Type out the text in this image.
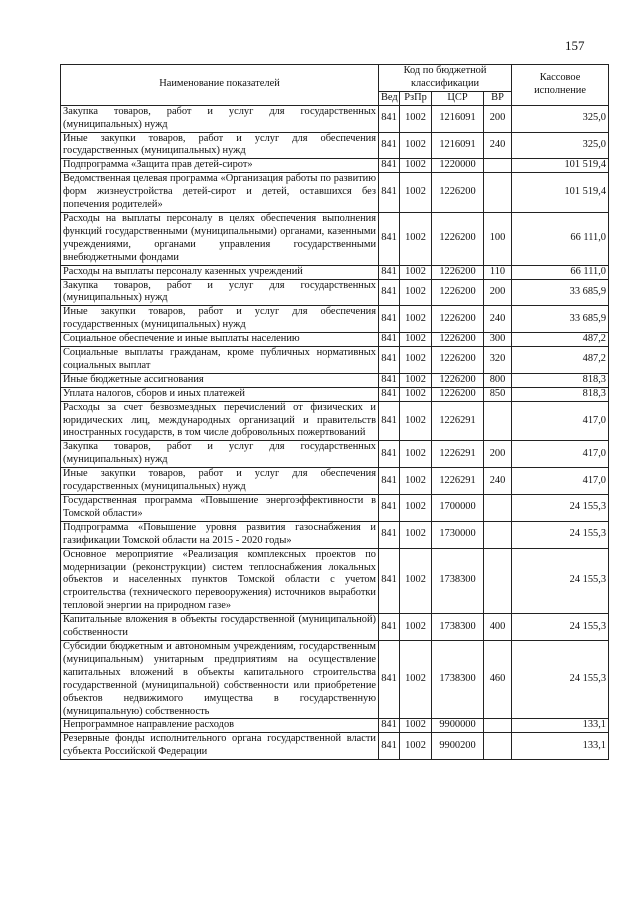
157
Наименование показателей	Код по бюджетной классификации				Кассовое исполнение
	Вед	РзПр	ЦСР	ВР	
Закупка товаров, работ и услуг для государственных (муниципальных) нужд	841	1002	1216091	200	325,0
Иные закупки товаров, работ и услуг для обеспечения государственных (муниципальных) нужд	841	1002	1216091	240	325,0
Подпрограмма «Защита прав детей-сирот»	841	1002	1220000		101 519,4
Ведомственная целевая программа «Организация работы по развитию форм жизнеустройства детей-сирот и детей, оставшихся без попечения родителей»	841	1002	1226200		101 519,4
Расходы на выплаты персоналу в целях обеспечения выполнения функций государственными (муниципальными) органами, казенными учреждениями, органами управления государственными внебюджетными фондами	841	1002	1226200	100	66 111,0
Расходы на выплаты персоналу казенных учреждений	841	1002	1226200	110	66 111,0
Закупка товаров, работ и услуг для государственных (муниципальных) нужд	841	1002	1226200	200	33 685,9
Иные закупки товаров, работ и услуг для обеспечения государственных (муниципальных) нужд	841	1002	1226200	240	33 685,9
Социальное обеспечение и иные выплаты населению	841	1002	1226200	300	487,2
Социальные выплаты гражданам, кроме публичных нормативных социальных выплат	841	1002	1226200	320	487,2
Иные бюджетные ассигнования	841	1002	1226200	800	818,3
Уплата налогов, сборов и иных платежей	841	1002	1226200	850	818,3
Расходы за счет безвозмездных перечислений от физических и юридических лиц, международных организаций и правительств иностранных государств, в том числе добровольных пожертвований	841	1002	1226291		417,0
Закупка товаров, работ и услуг для государственных (муниципальных) нужд	841	1002	1226291	200	417,0
Иные закупки товаров, работ и услуг для обеспечения государственных (муниципальных) нужд	841	1002	1226291	240	417,0
Государственная программа «Повышение энергоэффективности в Томской области»	841	1002	1700000		24 155,3
Подпрограмма «Повышение уровня развития газоснабжения и газификации Томской области на 2015 - 2020 годы»	841	1002	1730000		24 155,3
Основное мероприятие «Реализация комплексных проектов по модернизации (реконструкции) систем теплоснабжения локальных объектов и населенных пунктов Томской области с учетом строительства (технического перевооружения) источников выработки тепловой энергии на природном газе»	841	1002	1738300		24 155,3
Капитальные вложения в объекты государственной (муниципальной) собственности	841	1002	1738300	400	24 155,3
Субсидии бюджетным и автономным учреждениям, государственным (муниципальным) унитарным предприятиям на осуществление капитальных вложений в объекты капитального строительства государственной (муниципальной) собственности или приобретение объектов недвижимого имущества в государственную (муниципальную) собственность	841	1002	1738300	460	24 155,3
Непрограммное направление расходов	841	1002	9900000		133,1
Резервные фонды исполнительного органа государственной власти субъекта Российской Федерации	841	1002	9900200		133,1
